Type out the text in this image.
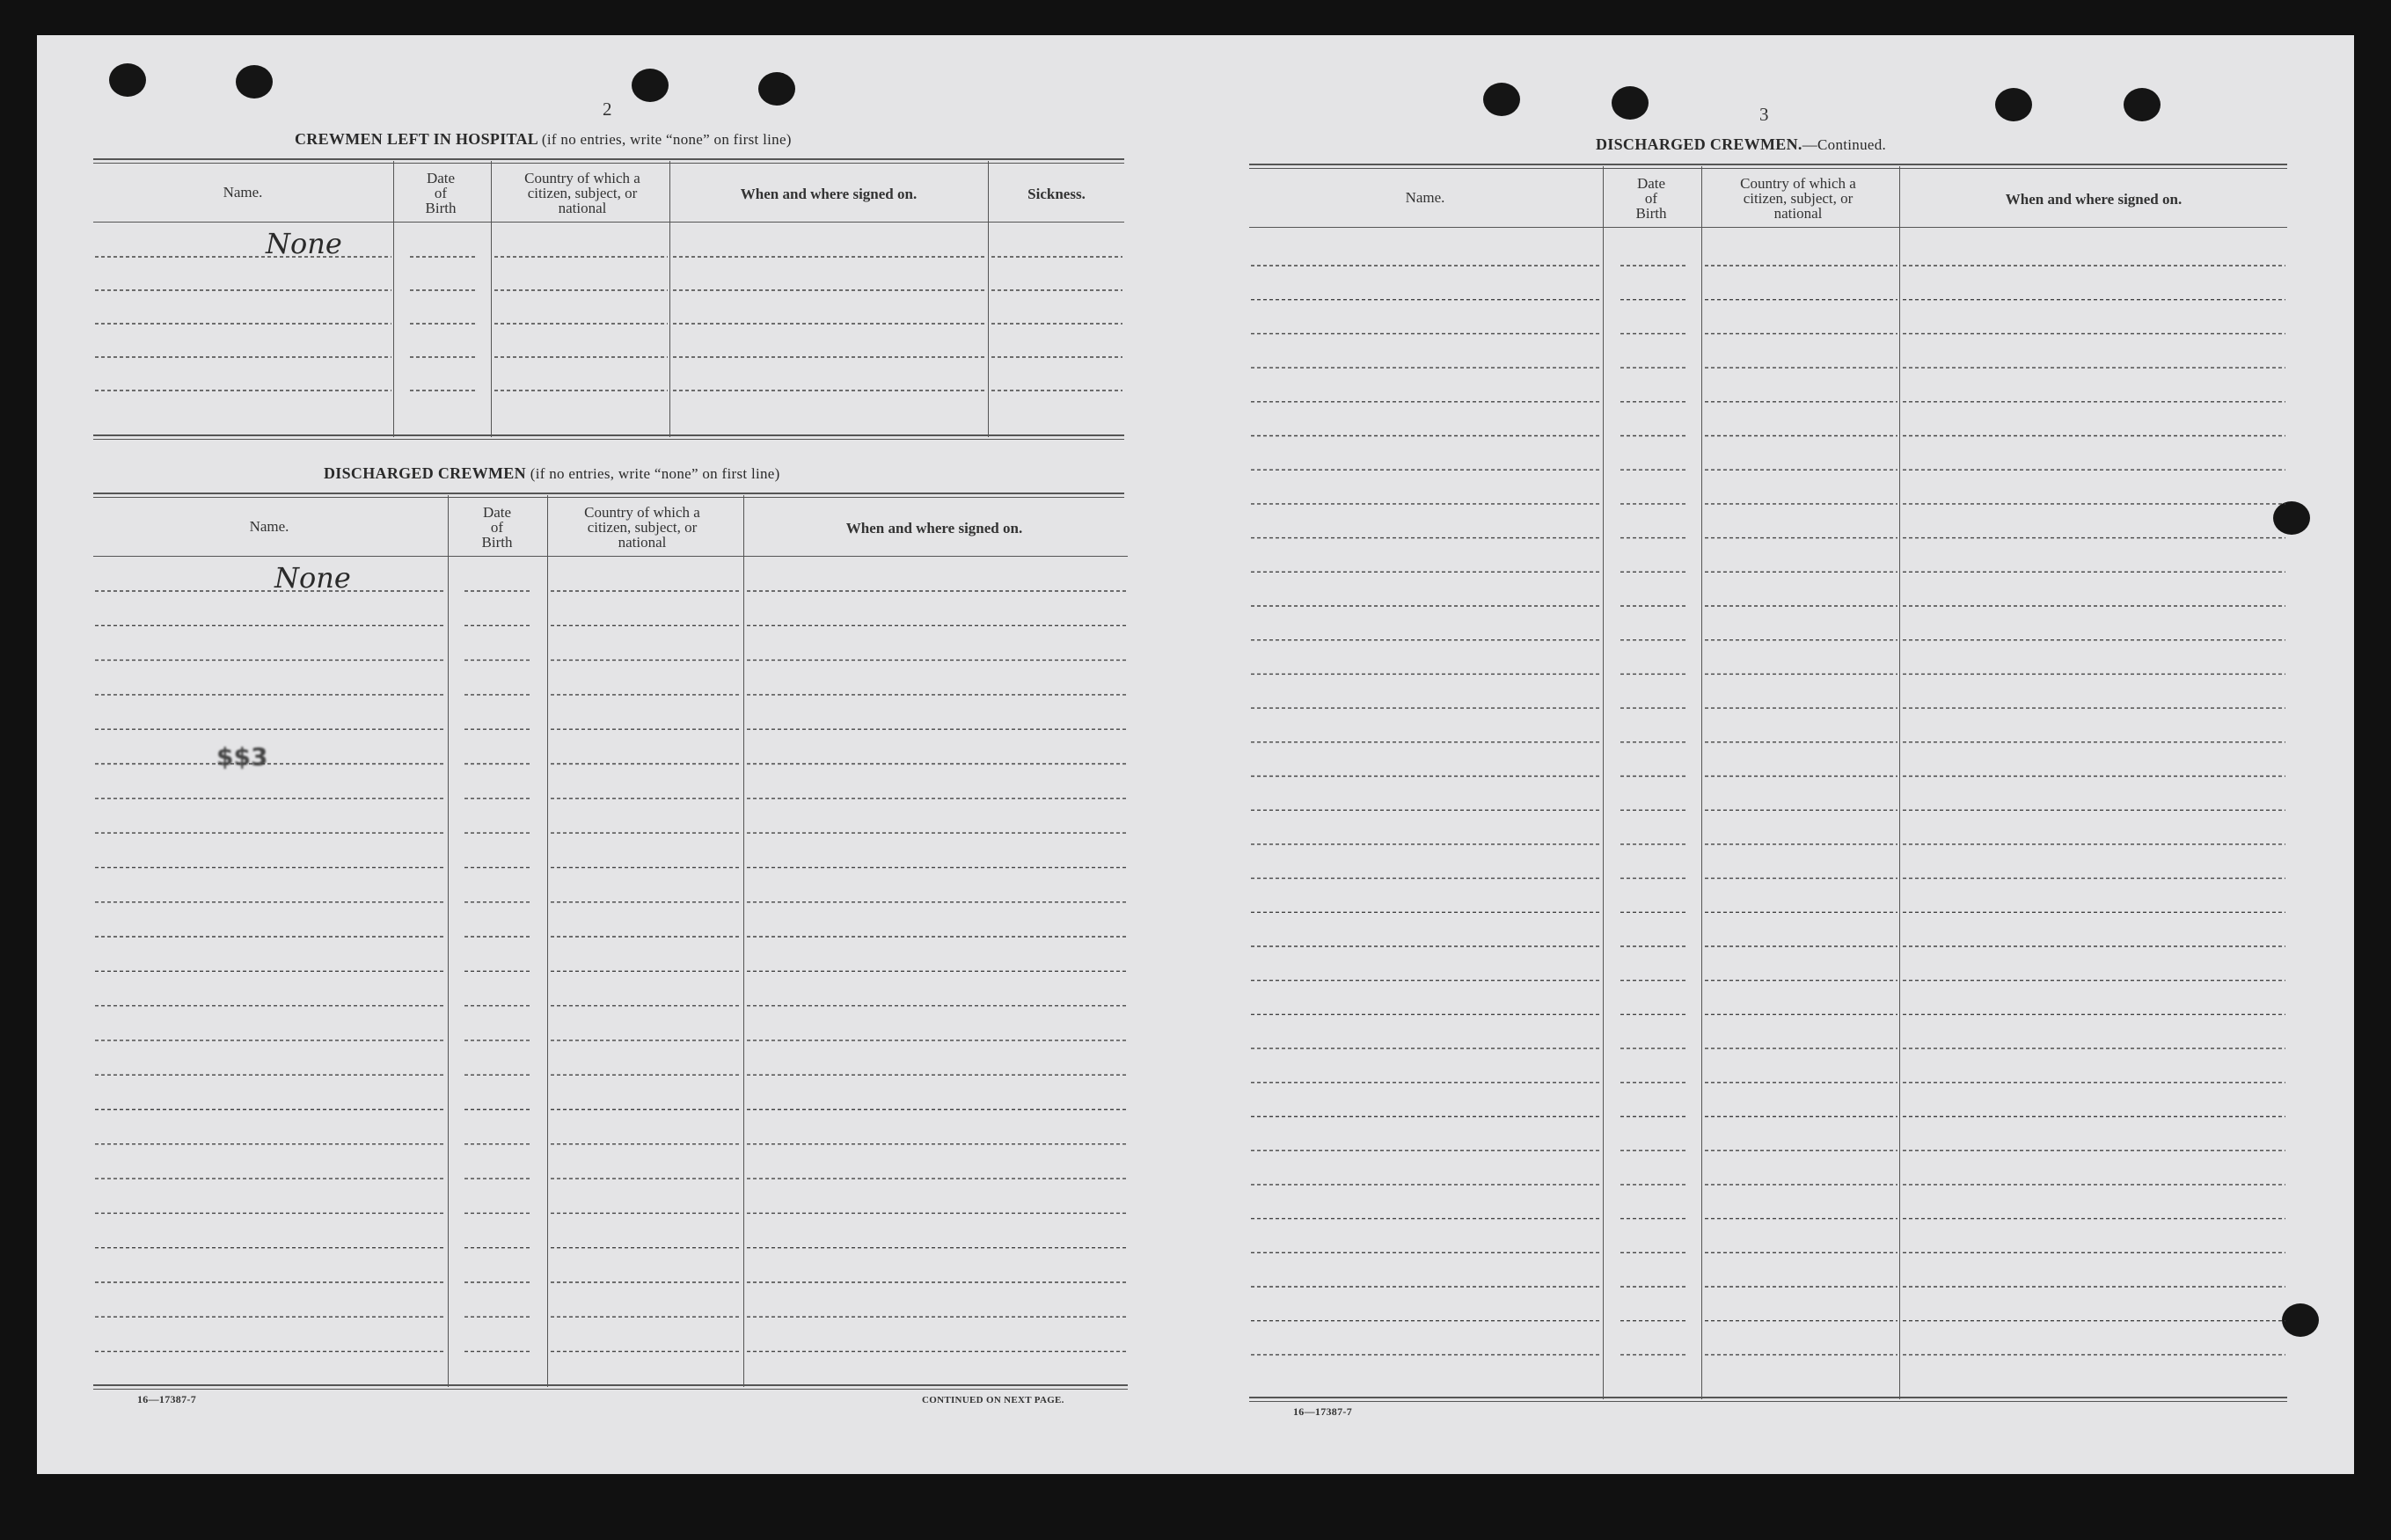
2
CREWMEN LEFT IN HOSPITAL (if no entries, write “none” on first line)
Name.
Date
of
Birth
Country of which a
citizen, subject, or
national
When and where signed on.	Sickness.
None
DISCHARGED CREWMEN (if no entries, write “none” on first line)
Name.
Date
of
Birth
Country of which a
citizen, subject, or
national
When and where signed on.
None
$$3
16—17387-7	CONTINUED ON NEXT PAGE.
3
DISCHARGED CREWMEN.—Continued.
Name.
Date
of
Birth
Country of which a
citizen, subject, or
national
When and where signed on.
16—17387-7
